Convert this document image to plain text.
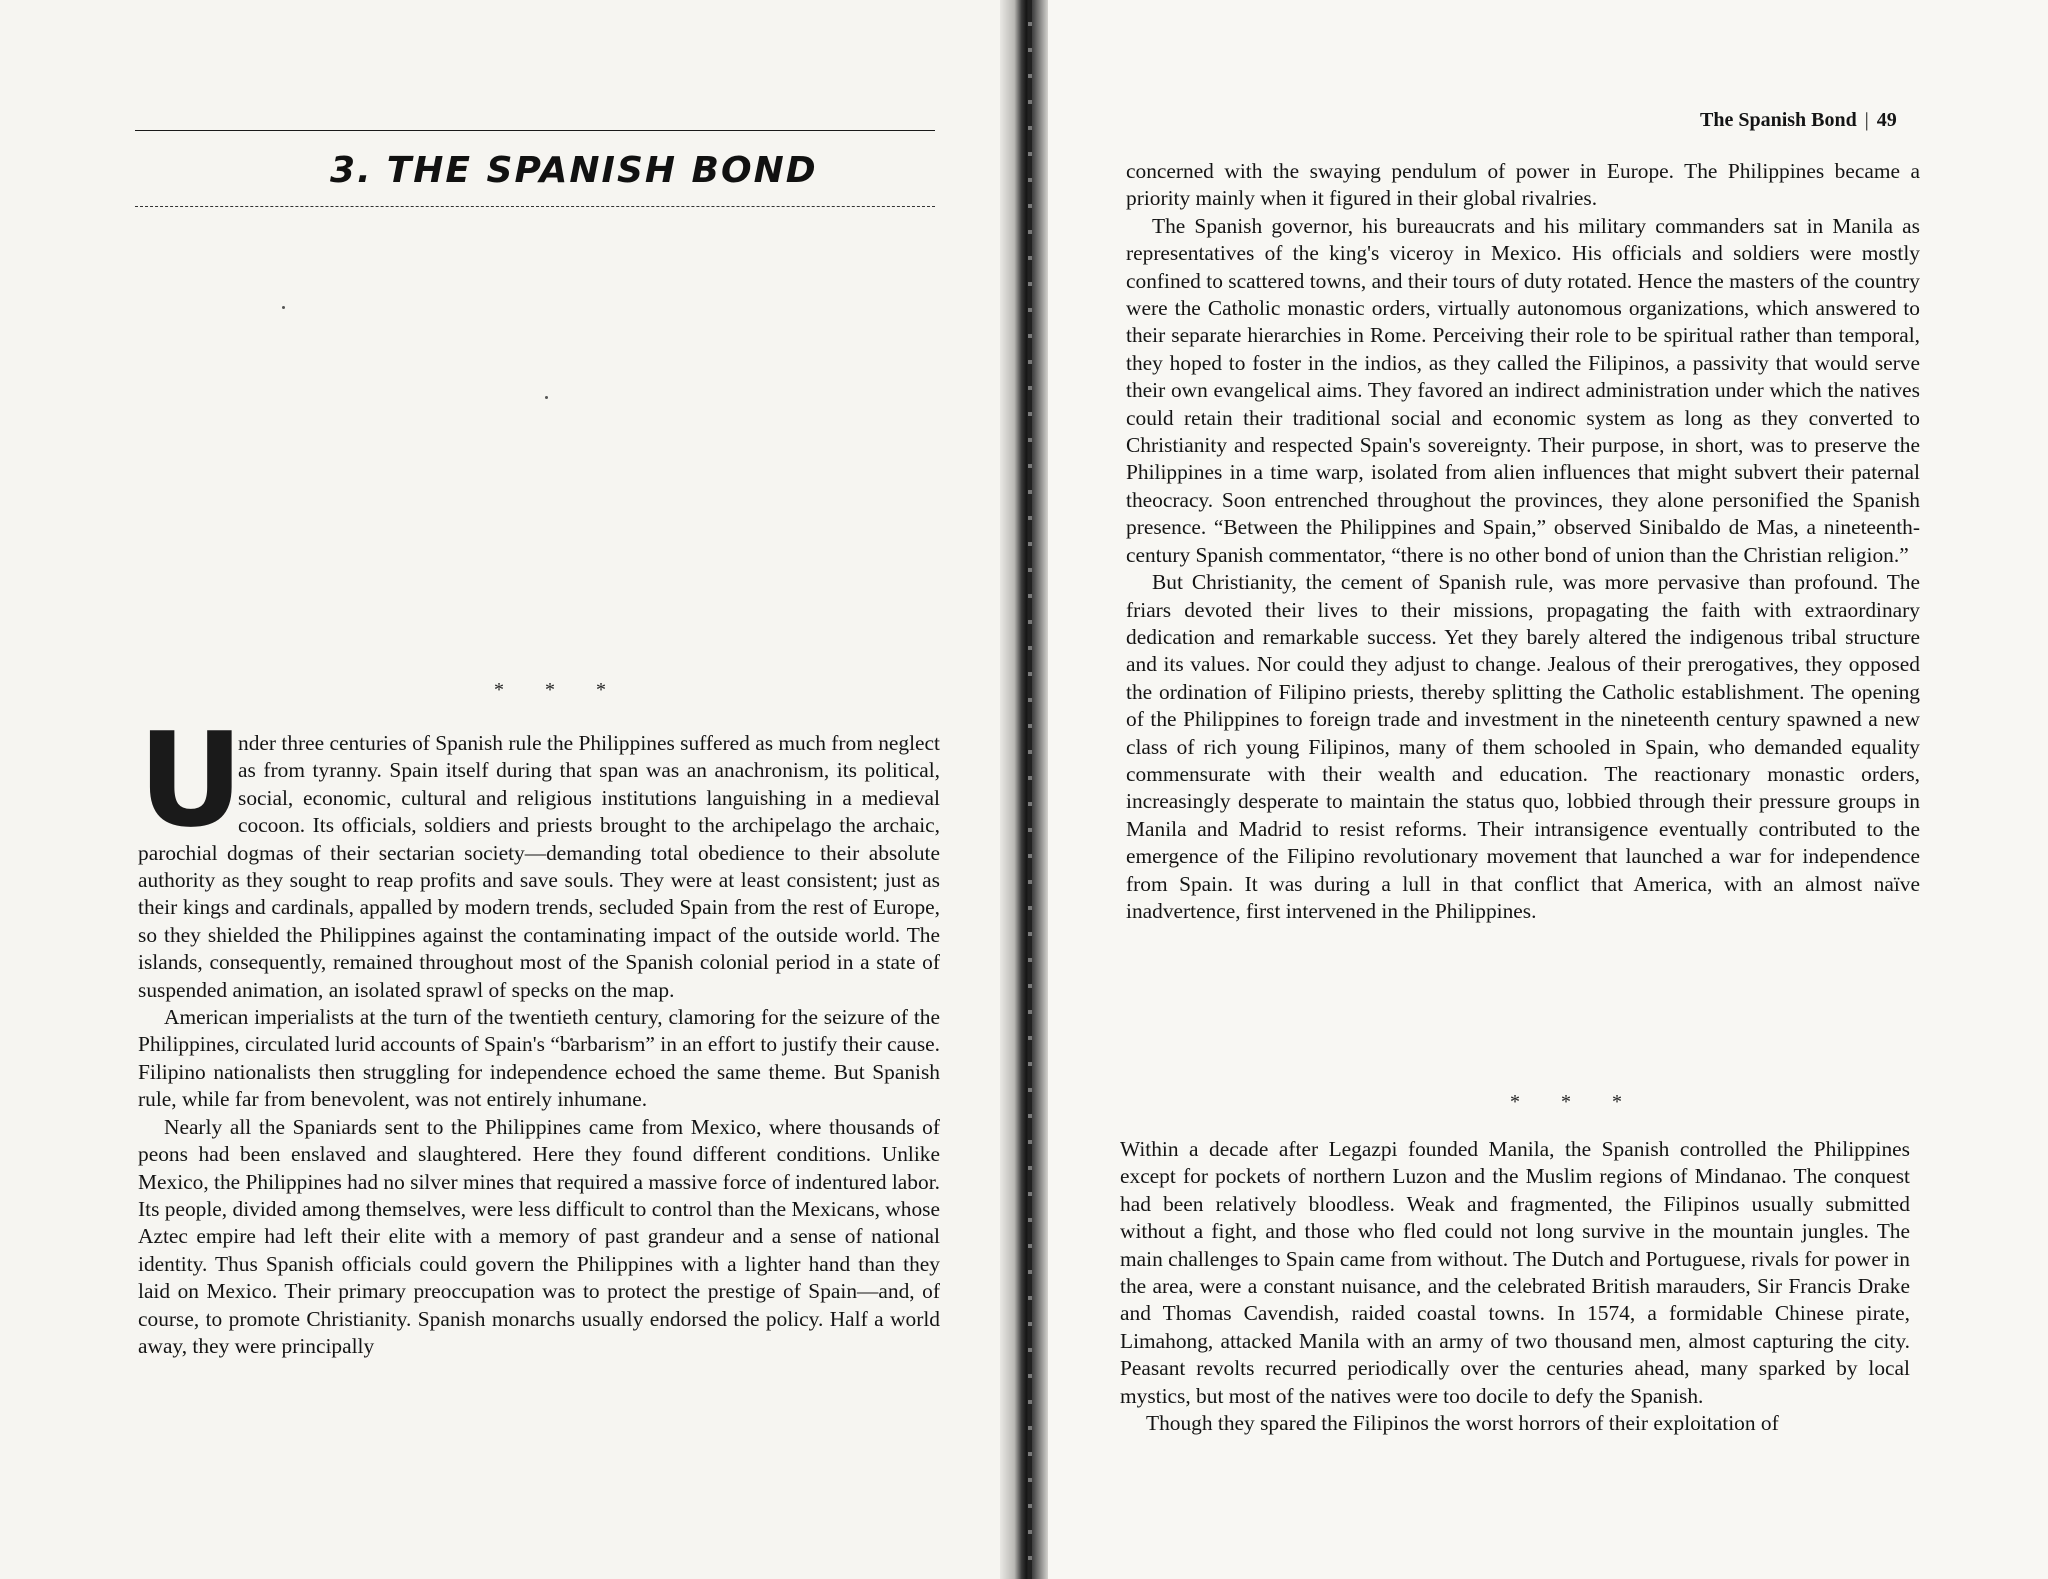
3. THE SPANISH BOND
* * *

U
nder three centuries of Spanish rule the Philippines suffered as much from neglect as from tyranny. Spain itself during that span was an anachronism, its political, social, economic, cultural and religious institutions languishing in a medieval cocoon. Its officials, soldiers and priests brought to the archipelago the archaic, parochial dogmas of their sectarian society—demanding total obedience to their absolute authority as they sought to reap profits and save souls. They were at least consistent; just as their kings and cardinals, appalled by modern trends, secluded Spain from the rest of Europe, so they shielded the Philippines against the contaminating impact of the outside world. The islands, consequently, remained throughout most of the Spanish colonial period in a state of suspended animation, an isolated sprawl of specks on the map.

American imperialists at the turn of the twentieth century, clamoring for the seizure of the Philippines, circulated lurid accounts of Spain's “barbarism” in an effort to justify their cause. Filipino nationalists then struggling for independence echoed the same theme. But Spanish rule, while far from benevolent, was not entirely inhumane.

Nearly all the Spaniards sent to the Philippines came from Mexico, where thousands of peons had been enslaved and slaughtered. Here they found different conditions. Unlike Mexico, the Philippines had no silver mines that required a massive force of indentured labor. Its people, divided among themselves, were less difficult to control than the Mexicans, whose Aztec empire had left their elite with a memory of past grandeur and a sense of national identity. Thus Spanish officials could govern the Philippines with a lighter hand than they laid on Mexico. Their primary preoccupation was to protect the prestige of Spain—and, of course, to promote Christianity. Spanish monarchs usually endorsed the policy. Half a world away, they were principally

The Spanish Bond | 49

concerned with the swaying pendulum of power in Europe. The Philippines became a priority mainly when it figured in their global rivalries.

The Spanish governor, his bureaucrats and his military commanders sat in Manila as representatives of the king's viceroy in Mexico. His officials and soldiers were mostly confined to scattered towns, and their tours of duty rotated. Hence the masters of the country were the Catholic monastic orders, virtually autonomous organizations, which answered to their separate hierarchies in Rome. Perceiving their role to be spiritual rather than temporal, they hoped to foster in the indios, as they called the Filipinos, a passivity that would serve their own evangelical aims. They favored an indirect administration under which the natives could retain their traditional social and economic system as long as they converted to Christianity and respected Spain's sovereignty. Their purpose, in short, was to preserve the Philippines in a time warp, isolated from alien influences that might subvert their paternal theocracy. Soon entrenched throughout the provinces, they alone personified the Spanish presence. “Between the Philippines and Spain,” observed Sinibaldo de Mas, a nineteenth-century Spanish commentator, “there is no other bond of union than the Christian religion.”

But Christianity, the cement of Spanish rule, was more pervasive than profound. The friars devoted their lives to their missions, propagating the faith with extraordinary dedication and remarkable success. Yet they barely altered the indigenous tribal structure and its values. Nor could they adjust to change. Jealous of their prerogatives, they opposed the ordination of Filipino priests, thereby splitting the Catholic establishment. The opening of the Philippines to foreign trade and investment in the nineteenth century spawned a new class of rich young Filipinos, many of them schooled in Spain, who demanded equality commensurate with their wealth and education. The reactionary monastic orders, increasingly desperate to maintain the status quo, lobbied through their pressure groups in Manila and Madrid to resist reforms. Their intransigence eventually contributed to the emergence of the Filipino revolutionary movement that launched a war for independence from Spain. It was during a lull in that conflict that America, with an almost naïve inadvertence, first intervened in the Philippines.

* * *

Within a decade after Legazpi founded Manila, the Spanish controlled the Philippines except for pockets of northern Luzon and the Muslim regions of Mindanao. The conquest had been relatively bloodless. Weak and fragmented, the Filipinos usually submitted without a fight, and those who fled could not long survive in the mountain jungles. The main challenges to Spain came from without. The Dutch and Portuguese, rivals for power in the area, were a constant nuisance, and the celebrated British marauders, Sir Francis Drake and Thomas Cavendish, raided coastal towns. In 1574, a formidable Chinese pirate, Limahong, attacked Manila with an army of two thousand men, almost capturing the city. Peasant revolts recurred periodically over the centuries ahead, many sparked by local mystics, but most of the natives were too docile to defy the Spanish.

Though they spared the Filipinos the worst horrors of their exploitation of
